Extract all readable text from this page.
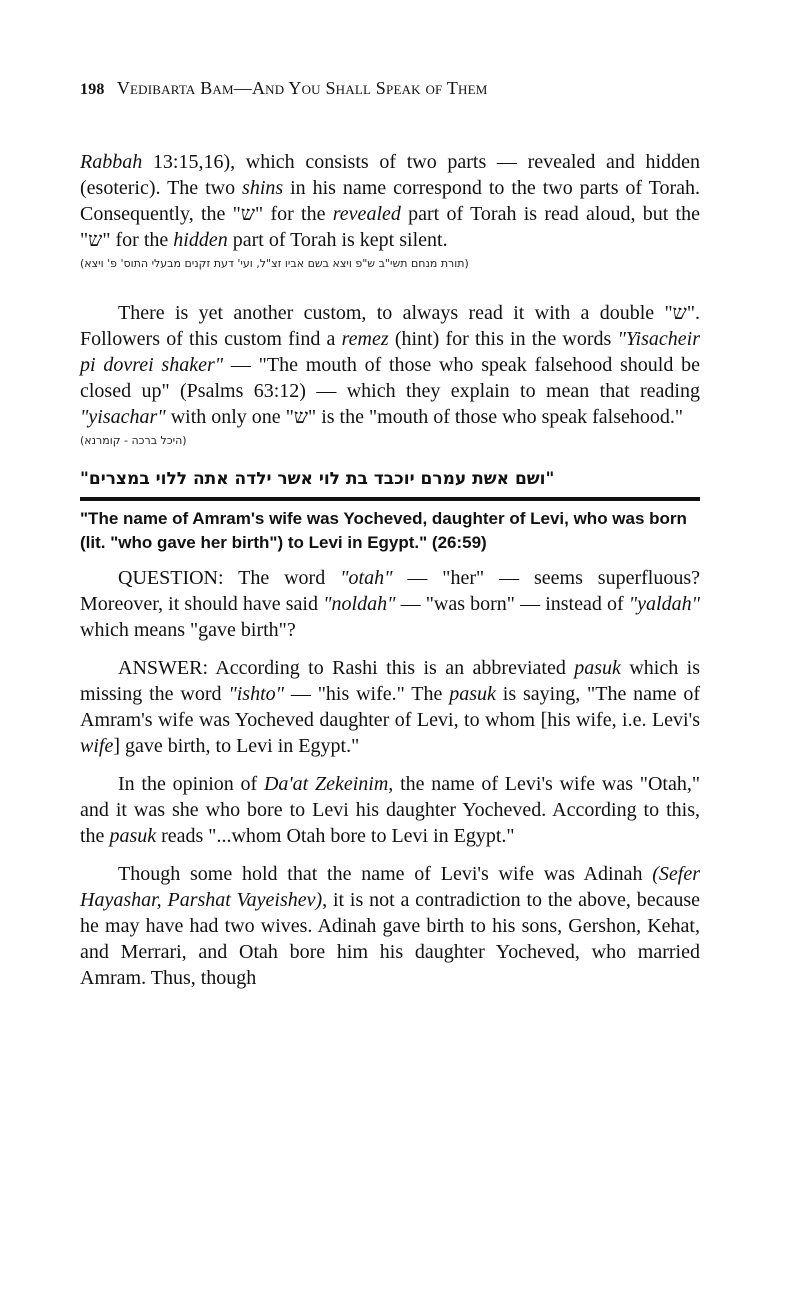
198 Vedibarta Bam—And You Shall Speak of Them

Rabbah 13:15,16), which consists of two parts — revealed and hidden (esoteric). The two shins in his name correspond to the two parts of Torah. Consequently, the "ש" for the revealed part of Torah is read aloud, but the "ש" for the hidden part of Torah is kept silent.

(תורת מנחם תשי"ב ש"פ ויצא בשם אביו זצ"ל, ועי' דעת זקנים מבעלי התוס' פ' ויצא)

There is yet another custom, to always read it with a double "ש". Followers of this custom find a remez (hint) for this in the words "Yisacheir pi dovrei shaker" — "The mouth of those who speak falsehood should be closed up" (Psalms 63:12) — which they explain to mean that reading "yisachar" with only one "ש" is the "mouth of those who speak falsehood."

(היכל ברכה - קומרנא)
"ושם אשת עמרם יוכבד בת לוי אשר ילדה אתה ללוי במצרים"
"The name of Amram's wife was Yocheved, daughter of Levi, who was born (lit. "who gave her birth") to Levi in Egypt." (26:59)

QUESTION: The word "otah" — "her" — seems superfluous? Moreover, it should have said "noldah" — "was born" — instead of "yaldah" which means "gave birth"?

ANSWER: According to Rashi this is an abbreviated pasuk which is missing the word "ishto" — "his wife." The pasuk is saying, "The name of Amram's wife was Yocheved daughter of Levi, to whom [his wife, i.e. Levi's wife] gave birth, to Levi in Egypt."

In the opinion of Da'at Zekeinim, the name of Levi's wife was "Otah," and it was she who bore to Levi his daughter Yocheved. According to this, the pasuk reads "...whom Otah bore to Levi in Egypt."

Though some hold that the name of Levi's wife was Adinah (Sefer Hayashar, Parshat Vayeishev), it is not a contradiction to the above, because he may have had two wives. Adinah gave birth to his sons, Gershon, Kehat, and Merrari, and Otah bore him his daughter Yocheved, who married Amram. Thus, though
